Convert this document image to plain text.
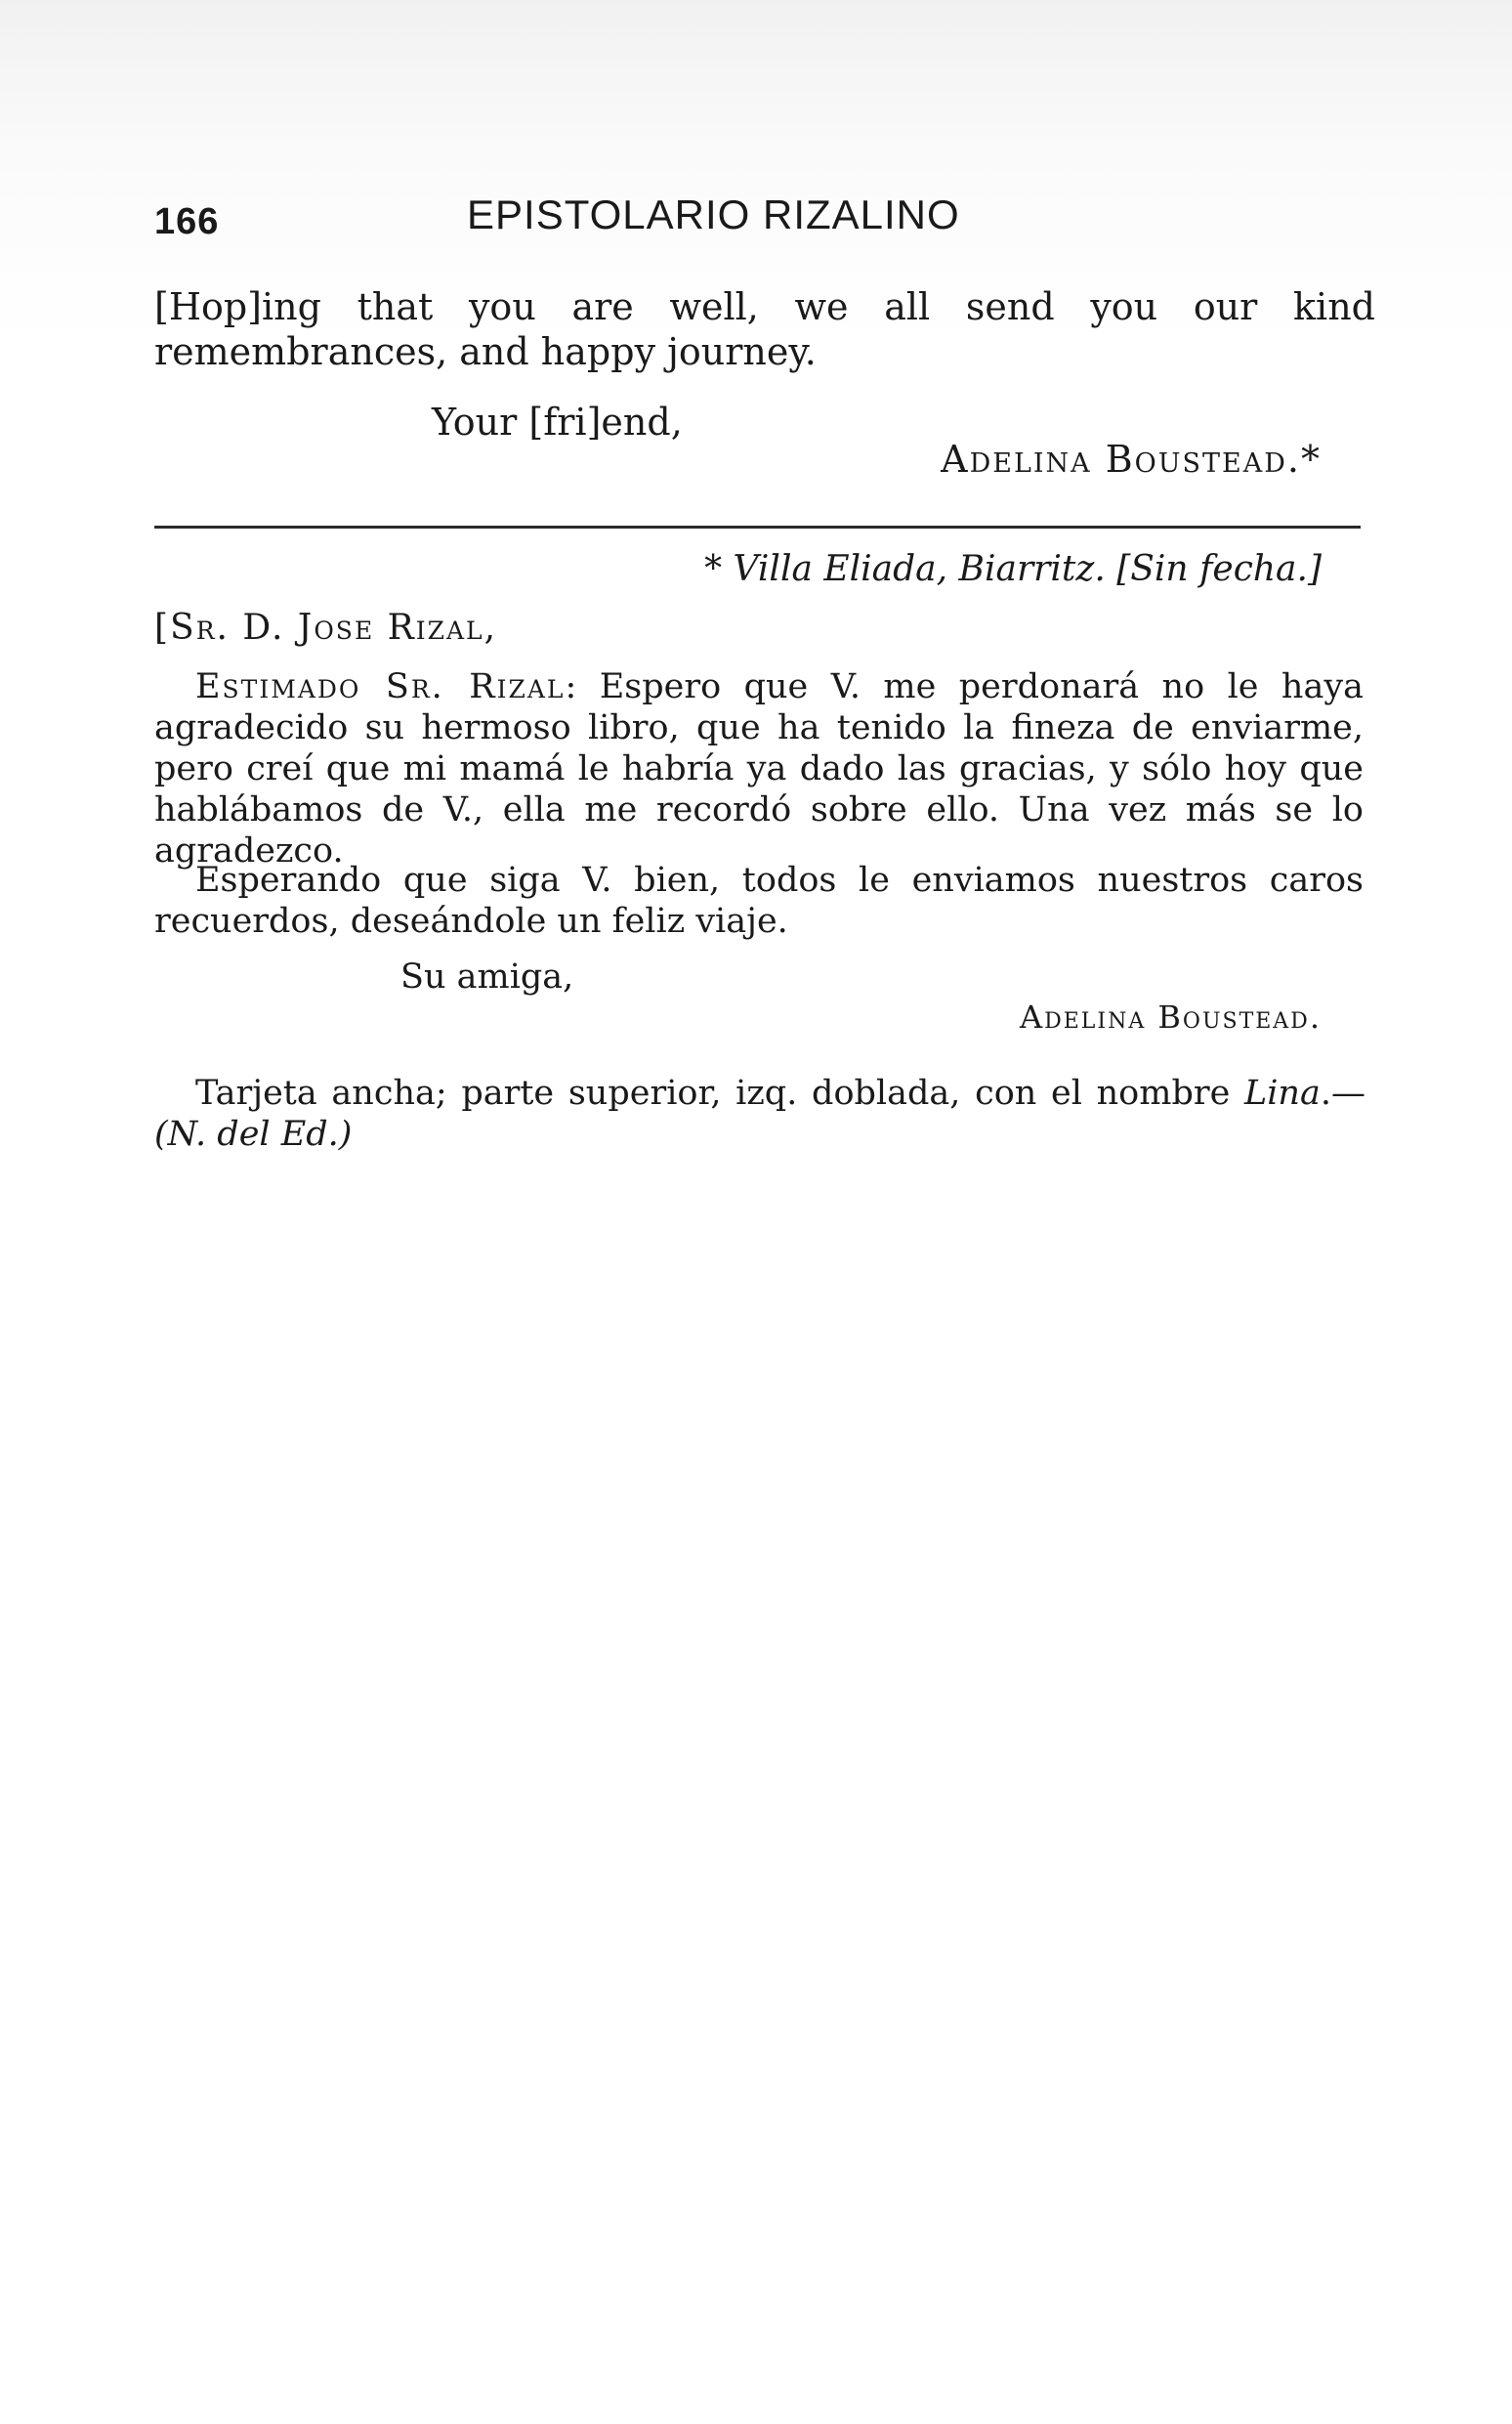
166	EPISTOLARIO RIZALINO

[Hop]ing that you are well, we all send you our kind remembrances, and happy journey.

Your [fri]end,
Adelina Boustead.*
* Villa Eliada, Biarritz. [Sin fecha.]
[Sr. D. Jose Rizal,

Estimado Sr. Rizal: Espero que V. me perdonará no le haya agradecido su hermoso libro, que ha tenido la fineza de enviarme, pero creí que mi mamá le habría ya dado las gracias, y sólo hoy que hablábamos de V., ella me recordó sobre ello. Una vez más se lo agradezco.

Esperando que siga V. bien, todos le enviamos nuestros caros recuerdos, deseándole un feliz viaje.

Su amiga,
Adelina Boustead.

Tarjeta ancha; parte superior, izq. doblada, con el nombre Lina.— (N. del Ed.)
